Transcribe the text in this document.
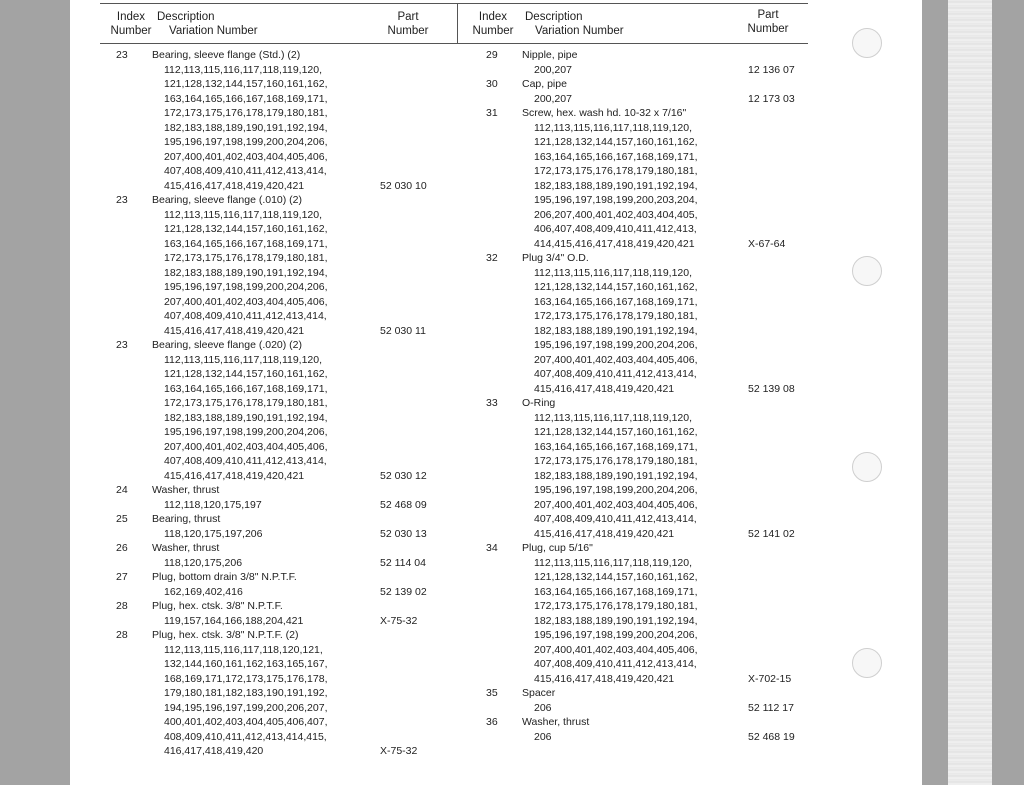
Index
Number
Description
Variation Number
Part
Number
Index
Number
Description
Variation Number
Part
Number
23 Bearing, sleeve flange (Std.) (2)
112,113,115,116,117,118,119,120,
121,128,132,144,157,160,161,162,
163,164,165,166,167,168,169,171,
172,173,175,176,178,179,180,181,
182,183,188,189,190,191,192,194,
195,196,197,198,199,200,204,206,
207,400,401,402,403,404,405,406,
407,408,409,410,411,412,413,414,
415,416,417,418,419,420,421	52 030 10
23 Bearing, sleeve flange (.010) (2)
112,113,115,116,117,118,119,120,
121,128,132,144,157,160,161,162,
163,164,165,166,167,168,169,171,
172,173,175,176,178,179,180,181,
182,183,188,189,190,191,192,194,
195,196,197,198,199,200,204,206,
207,400,401,402,403,404,405,406,
407,408,409,410,411,412,413,414,
415,416,417,418,419,420,421	52 030 11
23 Bearing, sleeve flange (.020) (2)
112,113,115,116,117,118,119,120,
121,128,132,144,157,160,161,162,
163,164,165,166,167,168,169,171,
172,173,175,176,178,179,180,181,
182,183,188,189,190,191,192,194,
195,196,197,198,199,200,204,206,
207,400,401,402,403,404,405,406,
407,408,409,410,411,412,413,414,
415,416,417,418,419,420,421	52 030 12
24 Washer, thrust
112,118,120,175,197	52 468 09
25 Bearing, thrust
118,120,175,197,206	52 030 13
26 Washer, thrust
118,120,175,206	52 114 04
27 Plug, bottom drain 3/8" N.P.T.F.
162,169,402,416	52 139 02
28 Plug, hex. ctsk. 3/8" N.P.T.F.
119,157,164,166,188,204,421	X-75-32
28 Plug, hex. ctsk. 3/8" N.P.T.F. (2)
112,113,115,116,117,118,120,121,
132,144,160,161,162,163,165,167,
168,169,171,172,173,175,176,178,
179,180,181,182,183,190,191,192,
194,195,196,197,199,200,206,207,
400,401,402,403,404,405,406,407,
408,409,410,411,412,413,414,415,
416,417,418,419,420	X-75-32
29 Nipple, pipe
200,207	12 136 07
30 Cap, pipe
200,207	12 173 03
31 Screw, hex. wash hd. 10-32 x 7/16"
112,113,115,116,117,118,119,120,
121,128,132,144,157,160,161,162,
163,164,165,166,167,168,169,171,
172,173,175,176,178,179,180,181,
182,183,188,189,190,191,192,194,
195,196,197,198,199,200,203,204,
206,207,400,401,402,403,404,405,
406,407,408,409,410,411,412,413,
414,415,416,417,418,419,420,421	X-67-64
32 Plug 3/4" O.D.
112,113,115,116,117,118,119,120,
121,128,132,144,157,160,161,162,
163,164,165,166,167,168,169,171,
172,173,175,176,178,179,180,181,
182,183,188,189,190,191,192,194,
195,196,197,198,199,200,204,206,
207,400,401,402,403,404,405,406,
407,408,409,410,411,412,413,414,
415,416,417,418,419,420,421	52 139 08
33 O-Ring
112,113,115,116,117,118,119,120,
121,128,132,144,157,160,161,162,
163,164,165,166,167,168,169,171,
172,173,175,176,178,179,180,181,
182,183,188,189,190,191,192,194,
195,196,197,198,199,200,204,206,
207,400,401,402,403,404,405,406,
407,408,409,410,411,412,413,414,
415,416,417,418,419,420,421	52 141 02
34 Plug, cup 5/16"
112,113,115,116,117,118,119,120,
121,128,132,144,157,160,161,162,
163,164,165,166,167,168,169,171,
172,173,175,176,178,179,180,181,
182,183,188,189,190,191,192,194,
195,196,197,198,199,200,204,206,
207,400,401,402,403,404,405,406,
407,408,409,410,411,412,413,414,
415,416,417,418,419,420,421	X-702-15
35 Spacer
206	52 112 17
36 Washer, thrust
206	52 468 19
